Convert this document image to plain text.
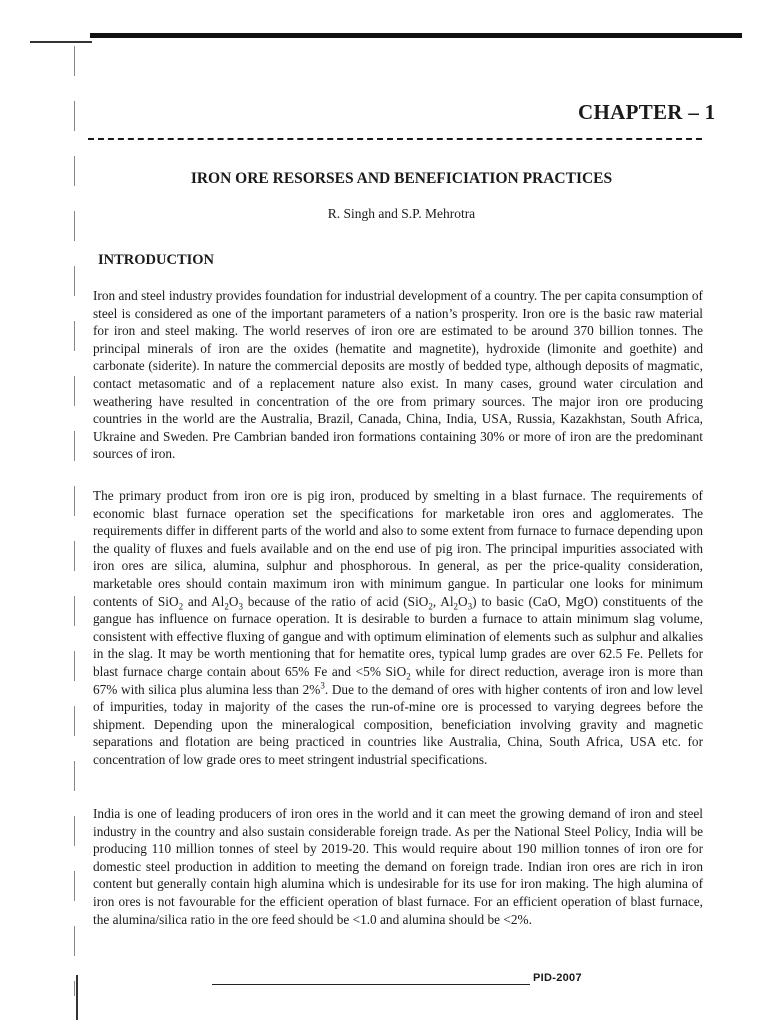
CHAPTER – 1
IRON ORE RESORSES AND BENEFICIATION PRACTICES
R. Singh and S.P. Mehrotra
INTRODUCTION

Iron and steel industry provides foundation for industrial development of a country. The per capita consumption of steel is considered as one of the important parameters of a nation’s prosperity. Iron ore is the basic raw material for iron and steel making. The world reserves of iron ore are estimated to be around 370 billion tonnes. The principal minerals of iron are the oxides (hematite and magnetite), hydroxide (limonite and goethite) and carbonate (siderite). In nature the commercial deposits are mostly of bedded type, although deposits of magmatic, contact metasomatic and of a replacement nature also exist. In many cases, ground water circulation and weathering have resulted in concentration of the ore from primary sources. The major iron ore producing countries in the world are the Australia, Brazil, Canada, China, India, USA, Russia, Kazakhstan, South Africa, Ukraine and Sweden. Pre Cambrian banded iron formations containing 30% or more of iron are the predominant sources of iron.

The primary product from iron ore is pig iron, produced by smelting in a blast furnace. The requirements of economic blast furnace operation set the specifications for marketable iron ores and agglomerates. The requirements differ in different parts of the world and also to some extent from furnace to furnace depending upon the quality of fluxes and fuels available and on the end use of pig iron. The principal impurities associated with iron ores are silica, alumina, sulphur and phosphorous. In general, as per the price-quality consideration, marketable ores should contain maximum iron with minimum gangue. In particular one looks for minimum contents of SiO$_2$ and $Al_2O_3$ because of the ratio of acid (SiO$_2$, $Al_2O_3$) to basic (CaO, MgO) constituents of the gangue has influence on furnace operation. It is desirable to burden a furnace to attain minimum slag volume, consistent with effective fluxing of gangue and with optimum elimination of elements such as sulphur and alkalies in the slag. It may be worth mentioning that for hematite ores, typical lump grades are over 62.5 Fe. Pellets for blast furnace charge contain about 65% Fe and <5% SiO$_2$ while for direct reduction, average iron is more than 67% with silica plus alumina less than 2%$^3$. Due to the demand of ores with higher contents of iron and low level of impurities, today in majority of the cases the run-of-mine ore is processed to varying degrees before the shipment. Depending upon the mineralogical composition, beneficiation involving gravity and magnetic separations and flotation are being practiced in countries like Australia, China, South Africa, USA etc. for concentration of low grade ores to meet stringent industrial specifications.

India is one of leading producers of iron ores in the world and it can meet the growing demand of iron and steel industry in the country and also sustain considerable foreign trade. As per the National Steel Policy, India will be producing 110 million tonnes of steel by 2019-20. This would require about 190 million tonnes of iron ore for domestic steel production in addition to meeting the demand on foreign trade. Indian iron ores are rich in iron content but generally contain high alumina which is undesirable for its use for iron making. The high alumina of iron ores is not favourable for the efficient operation of blast furnace. For an efficient operation of blast furnace, the alumina/silica ratio in the ore feed should be <1.0 and alumina should be <2%.

PID-2007
